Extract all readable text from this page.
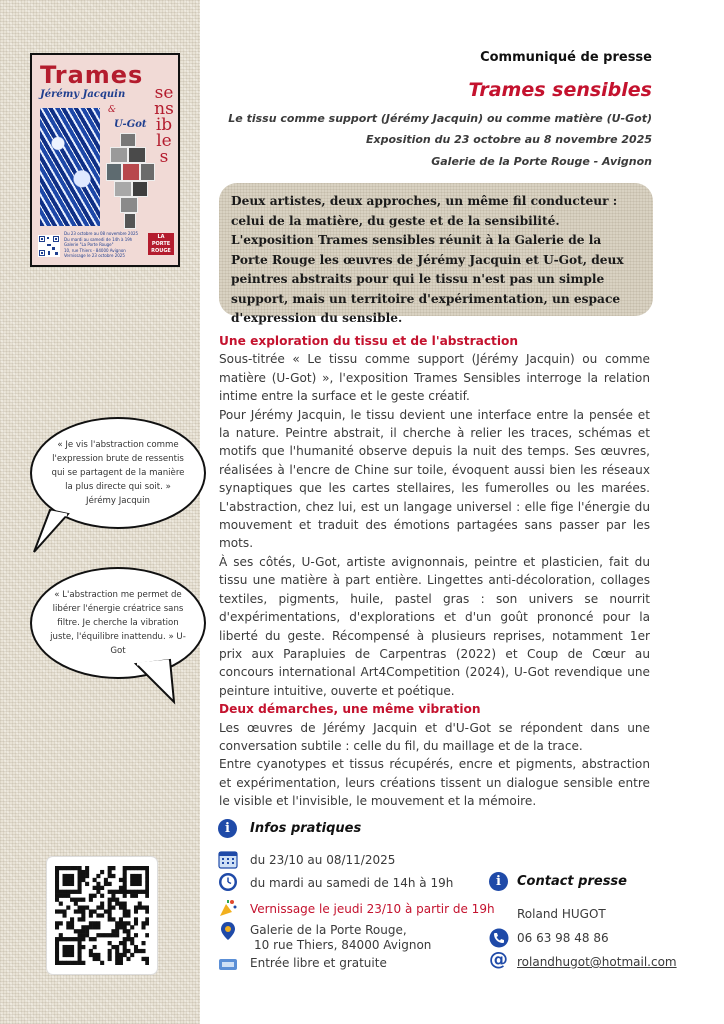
Trames
sensibles
Jérémy Jacquin
&
U-Got
Du 23 octobre au 08 novembre 2025
Du mardi au samedi de 14h à 19h
Galerie "La Porte Rouge"
10, rue Thiers - 84000 Avignon
Vernissage le 23 octobre 2025
LA PORTE ROUGE
Communiqué de presse
Trames sensibles
Le tissu comme support (Jérémy Jacquin) ou comme matière (U-Got)
Exposition du 23 octobre au 8 novembre 2025
Galerie de la Porte Rouge - Avignon
Deux artistes, deux approches, un même fil conducteur : celui de la matière, du geste et de la sensibilité.
L'exposition Trames sensibles réunit à la Galerie de la Porte Rouge les œuvres de Jérémy Jacquin et U-Got, deux peintres abstraits pour qui le tissu n'est pas un simple support, mais un territoire d'expérimentation, un espace d'expression du sensible.
Une exploration du tissu et de l'abstraction

Sous-titrée « Le tissu comme support (Jérémy Jacquin) ou comme matière (U-Got) », l'exposition Trames Sensibles interroge la relation intime entre la surface et le geste créatif.

Pour Jérémy Jacquin, le tissu devient une interface entre la pensée et la nature. Peintre abstrait, il cherche à relier les traces, schémas et motifs que l'humanité observe depuis la nuit des temps. Ses œuvres, réalisées à l'encre de Chine sur toile, évoquent aussi bien les réseaux synaptiques que les cartes stellaires, les fumerolles ou les marées. L'abstraction, chez lui, est un langage universel : elle fige l'énergie du mouvement et traduit des émotions partagées sans passer par les mots.

À ses côtés, U-Got, artiste avignonnais, peintre et plasticien, fait du tissu une matière à part entière. Lingettes anti-décoloration, collages textiles, pigments, huile, pastel gras : son univers se nourrit d'expérimentations, d'explorations et d'un goût prononcé pour la liberté du geste. Récompensé à plusieurs reprises, notamment 1er prix aux Parapluies de Carpentras (2022) et Coup de Cœur au concours international Art4Competition (2024), U-Got revendique une peinture intuitive, ouverte et poétique.

Deux démarches, une même vibration

Les œuvres de Jérémy Jacquin et d'U-Got se répondent dans une conversation subtile : celle du fil, du maillage et de la trace.

Entre cyanotypes et tissus récupérés, encre et pigments, abstraction et expérimentation, leurs créations tissent un dialogue sensible entre le visible et l'invisible, le mouvement et la mémoire.

« Je vis l'abstraction comme l'expression brute de ressentis qui se partagent de la manière la plus directe qui soit. » Jérémy Jacquin
« L'abstraction me permet de libérer l'énergie créatrice sans filtre. Je cherche la vibration juste, l'équilibre inattendu. » U-Got
i	Infos pratiques
du 23/10 au 08/11/2025
du mardi au samedi de 14h à 19h
Vernissage le jeudi 23/10 à partir de 19h
Galerie de la Porte Rouge,
10 rue Thiers, 84000 Avignon
Entrée libre et gratuite
i	Contact presse
Roland HUGOT
06 63 98 48 86
@ rolandhugot@hotmail.com
